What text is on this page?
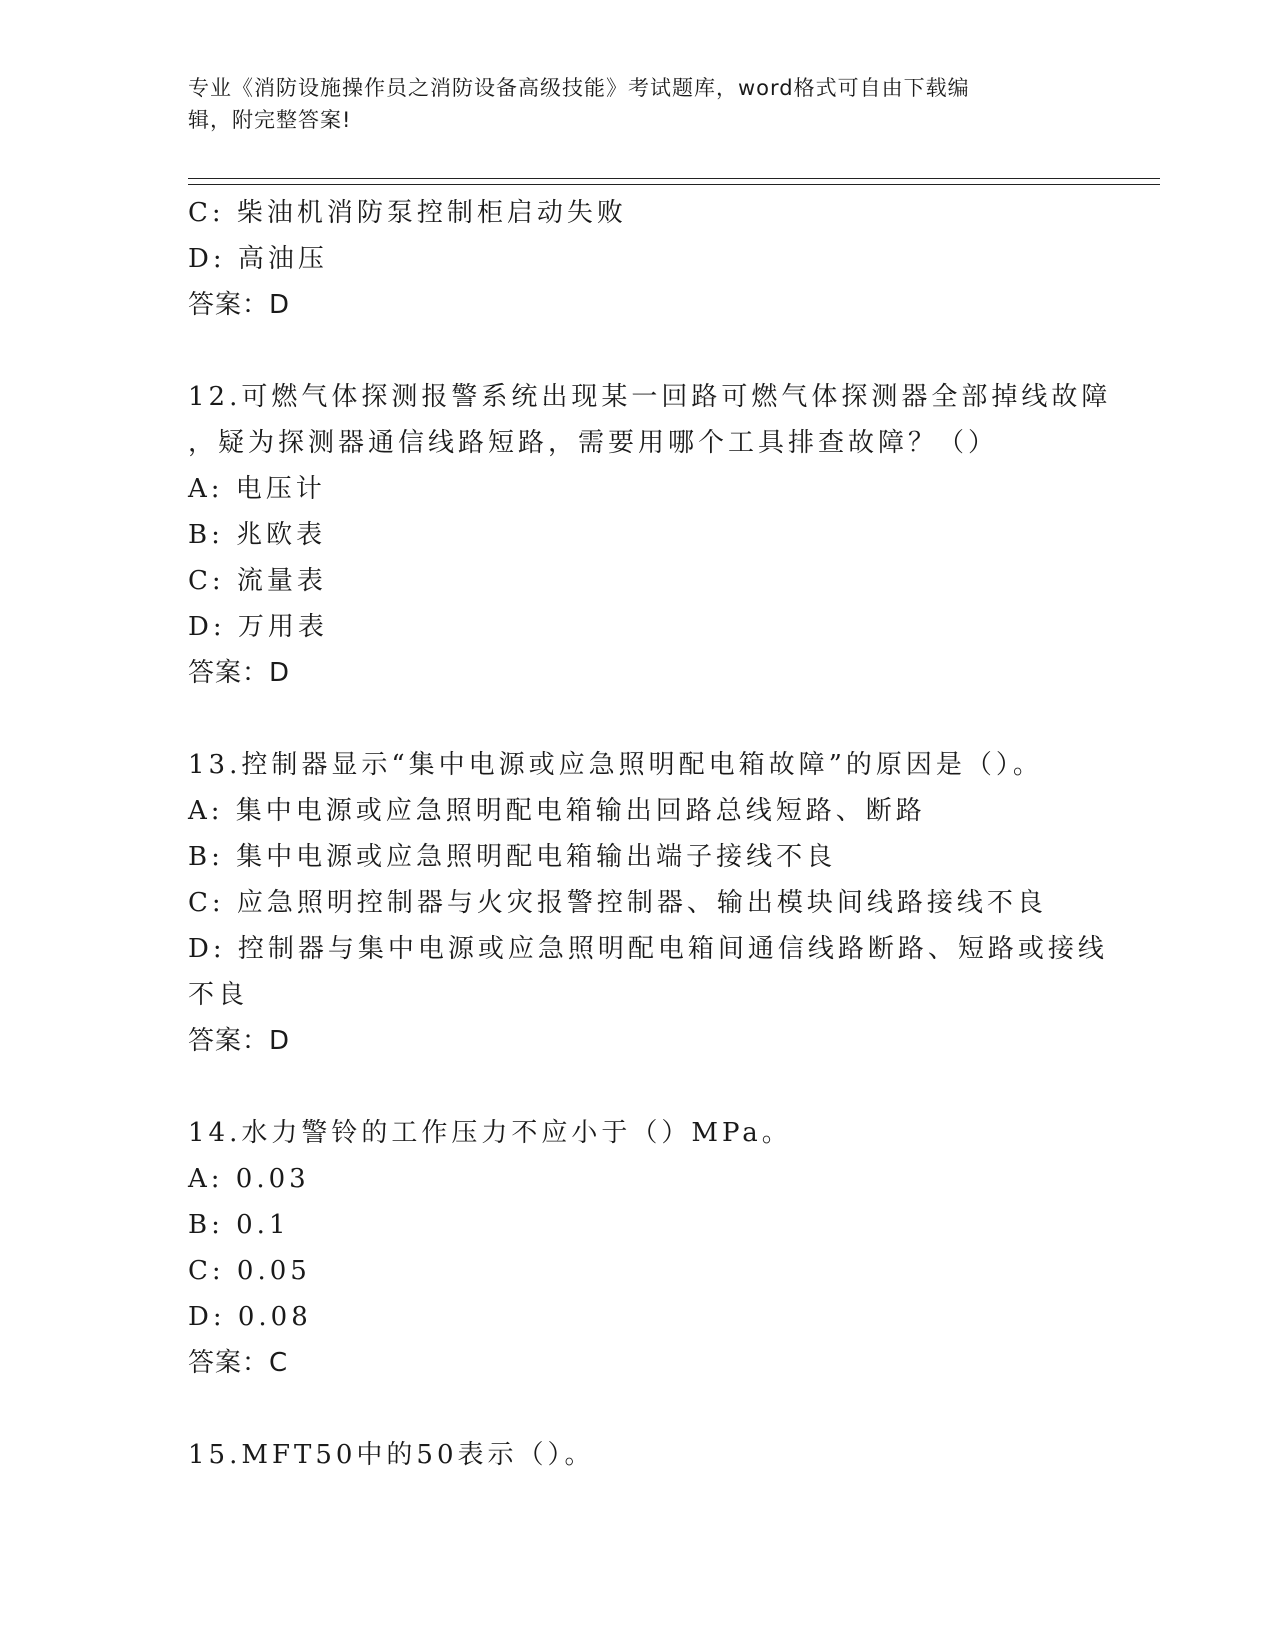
专业《消防设施操作员之消防设备高级技能》考试题库，word格式可自由下载编
辑，附完整答案!
C: 柴油机消防泵控制柜启动失败
D: 高油压
答案：D
12.可燃气体探测报警系统出现某一回路可燃气体探测器全部掉线故障
，疑为探测器通信线路短路，需要用哪个工具排查故障？（）
A: 电压计
B: 兆欧表
C: 流量表
D: 万用表
答案：D
13.控制器显示“集中电源或应急照明配电箱故障”的原因是（）。
A: 集中电源或应急照明配电箱输出回路总线短路、断路
B: 集中电源或应急照明配电箱输出端子接线不良
C: 应急照明控制器与火灾报警控制器、输出模块间线路接线不良
D: 控制器与集中电源或应急照明配电箱间通信线路断路、短路或接线
不良
答案：D
14.水力警铃的工作压力不应小于（）MPa。
A: 0.03
B: 0.1
C: 0.05
D: 0.08
答案：C
15.MFT50中的50表示（）。
